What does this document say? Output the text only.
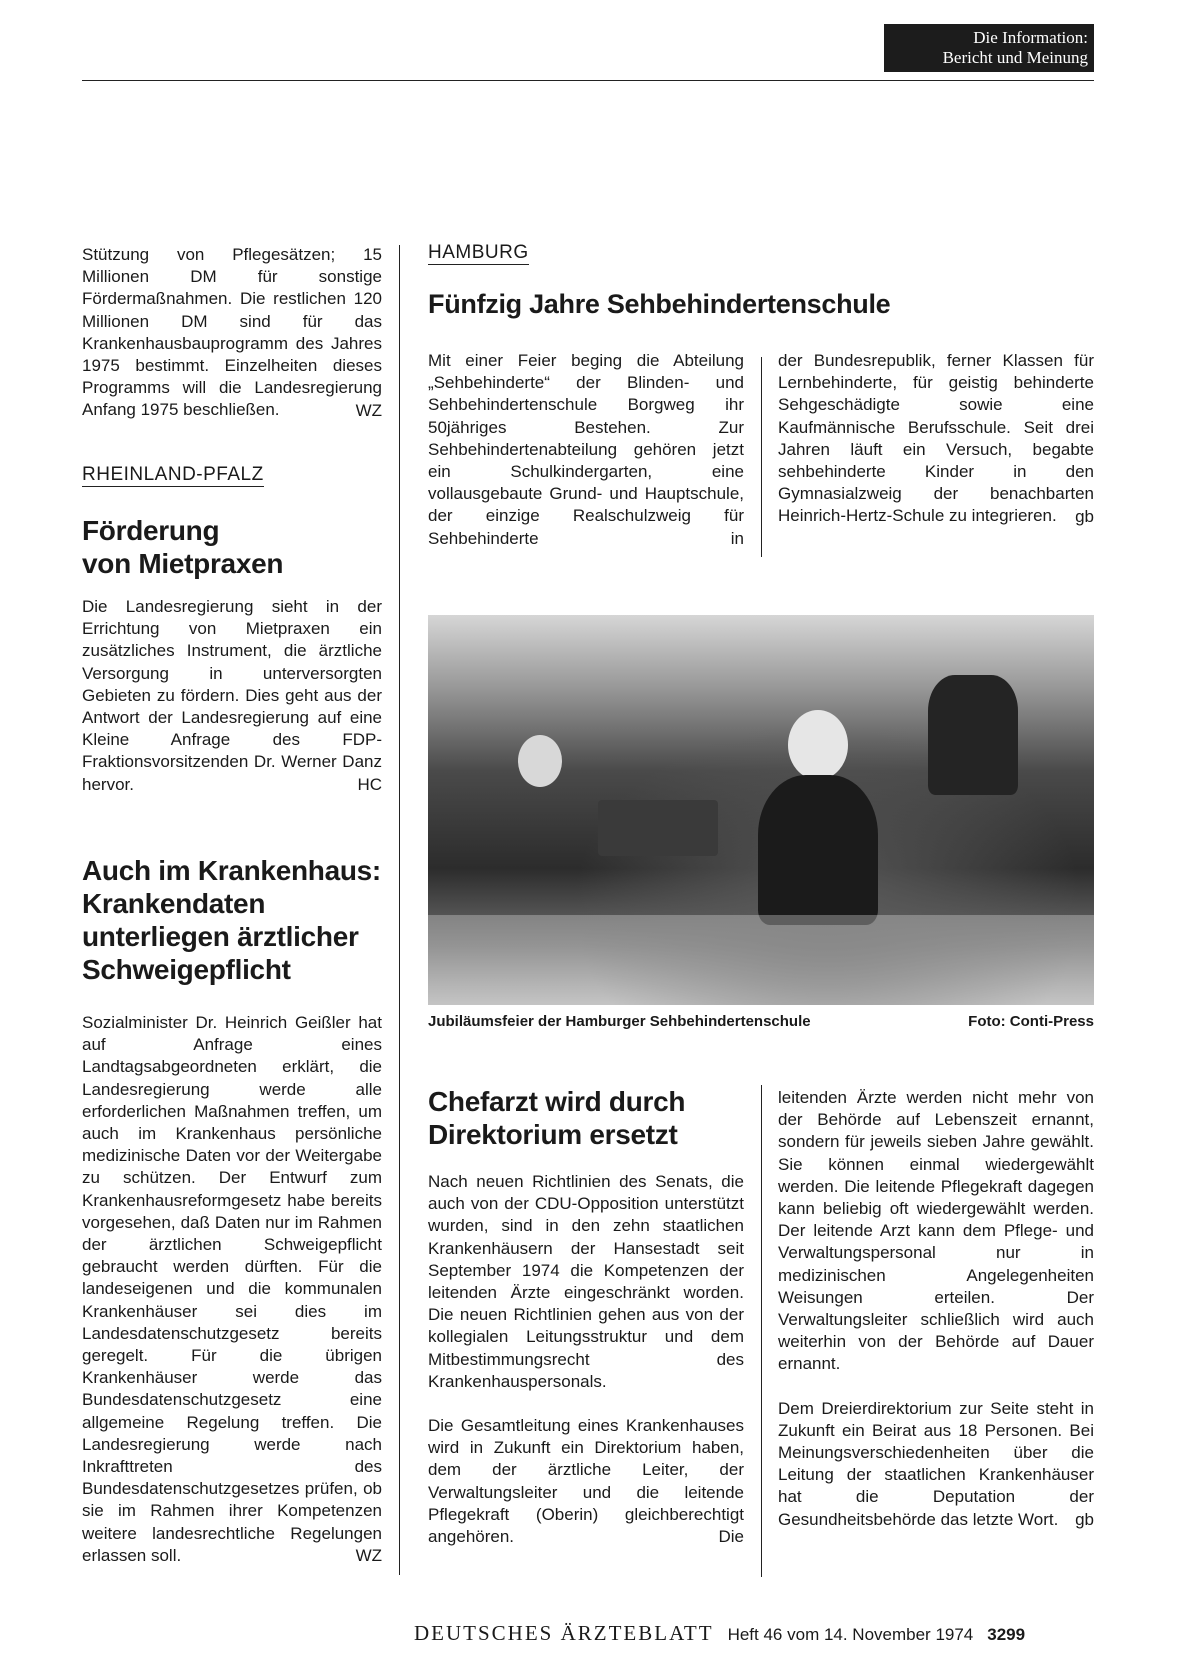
Die Information:
Bericht und Meinung

Stützung von Pflegesätzen; 15 Millionen DM für sonstige Fördermaßnahmen. Die restlichen 120 Millionen DM sind für das Krankenhausbauprogramm des Jahres 1975 bestimmt. Einzelheiten dieses Programms will die Landesregierung Anfang 1975 beschließen.	WZ
RHEINLAND-PFALZ

Förderung

von Mietpraxen

Die Landesregierung sieht in der Errichtung von Mietpraxen ein zusätzliches Instrument, die ärztliche Versorgung in unterversorgten Gebieten zu fördern. Dies geht aus der Antwort der Landesregierung auf eine Kleine Anfrage des FDP-Fraktionsvorsitzenden Dr. Werner Danz hervor.	HC

Auch im Krankenhaus:

Krankendaten

unterliegen ärztlicher

Schweigepflicht

Sozialminister Dr. Heinrich Geißler hat auf Anfrage eines Landtagsabgeordneten erklärt, die Landesregierung werde alle erforderlichen Maßnahmen treffen, um auch im Krankenhaus persönliche medizinische Daten vor der Weitergabe zu schützen. Der Entwurf zum Krankenhausreformgesetz habe bereits vorgesehen, daß Daten nur im Rahmen der ärztlichen Schweigepflicht gebraucht werden dürften. Für die landeseigenen und die kommunalen Krankenhäuser sei dies im Landesdatenschutzgesetz bereits geregelt. Für die übrigen Krankenhäuser werde das Bundesdatenschutzgesetz eine allgemeine Regelung treffen. Die Landesregierung werde nach Inkrafttreten des Bundesdatenschutzgesetzes prüfen, ob sie im Rahmen ihrer Kompetenzen weitere landesrechtliche Regelungen erlassen soll.	WZ
HAMBURG

Fünfzig Jahre Sehbehindertenschule

Mit einer Feier beging die Abteilung „Sehbehinderte“ der Blinden- und Sehbehindertenschule Borgweg ihr 50jähriges Bestehen. Zur Sehbehindertenabteilung gehören jetzt ein Schulkindergarten, eine vollausgebaute Grund- und Hauptschule, der einzige Realschulzweig für Sehbehinderte in

der Bundesrepublik, ferner Klassen für Lernbehinderte, für geistig behinderte Sehgeschädigte sowie eine Kaufmännische Berufsschule. Seit drei Jahren läuft ein Versuch, begabte sehbehinderte Kinder in den Gymnasialzweig der benachbarten Heinrich-Hertz-Schule zu integrieren.	gb
Jubiläumsfeier der Hamburger Sehbehindertenschule	Foto: Conti-Press

Chefarzt wird durch

Direktorium ersetzt

Nach neuen Richtlinien des Senats, die auch von der CDU-Opposition unterstützt wurden, sind in den zehn staatlichen Krankenhäusern der Hansestadt seit September 1974 die Kompetenzen der leitenden Ärzte eingeschränkt worden. Die neuen Richtlinien gehen aus von der kollegialen Leitungsstruktur und dem Mitbestimmungsrecht des Krankenhauspersonals.

Die Gesamtleitung eines Krankenhauses wird in Zukunft ein Direktorium haben, dem der ärztliche Leiter, der Verwaltungsleiter und die leitende Pflegekraft (Oberin) gleichberechtigt angehören. Die

leitenden Ärzte werden nicht mehr von der Behörde auf Lebenszeit ernannt, sondern für jeweils sieben Jahre gewählt. Sie können einmal wiedergewählt werden. Die leitende Pflegekraft dagegen kann beliebig oft wiedergewählt werden. Der leitende Arzt kann dem Pflege- und Verwaltungspersonal nur in medizinischen Angelegenheiten Weisungen erteilen. Der Verwaltungsleiter schließlich wird auch weiterhin von der Behörde auf Dauer ernannt.

Dem Dreierdirektorium zur Seite steht in Zukunft ein Beirat aus 18 Personen. Bei Meinungsverschiedenheiten über die Leitung der staatlichen Krankenhäuser hat die Deputation der Gesundheitsbehörde das letzte Wort. gb
DEUTSCHES ÄRZTEBLATT Heft 46 vom 14. November 1974 3299
